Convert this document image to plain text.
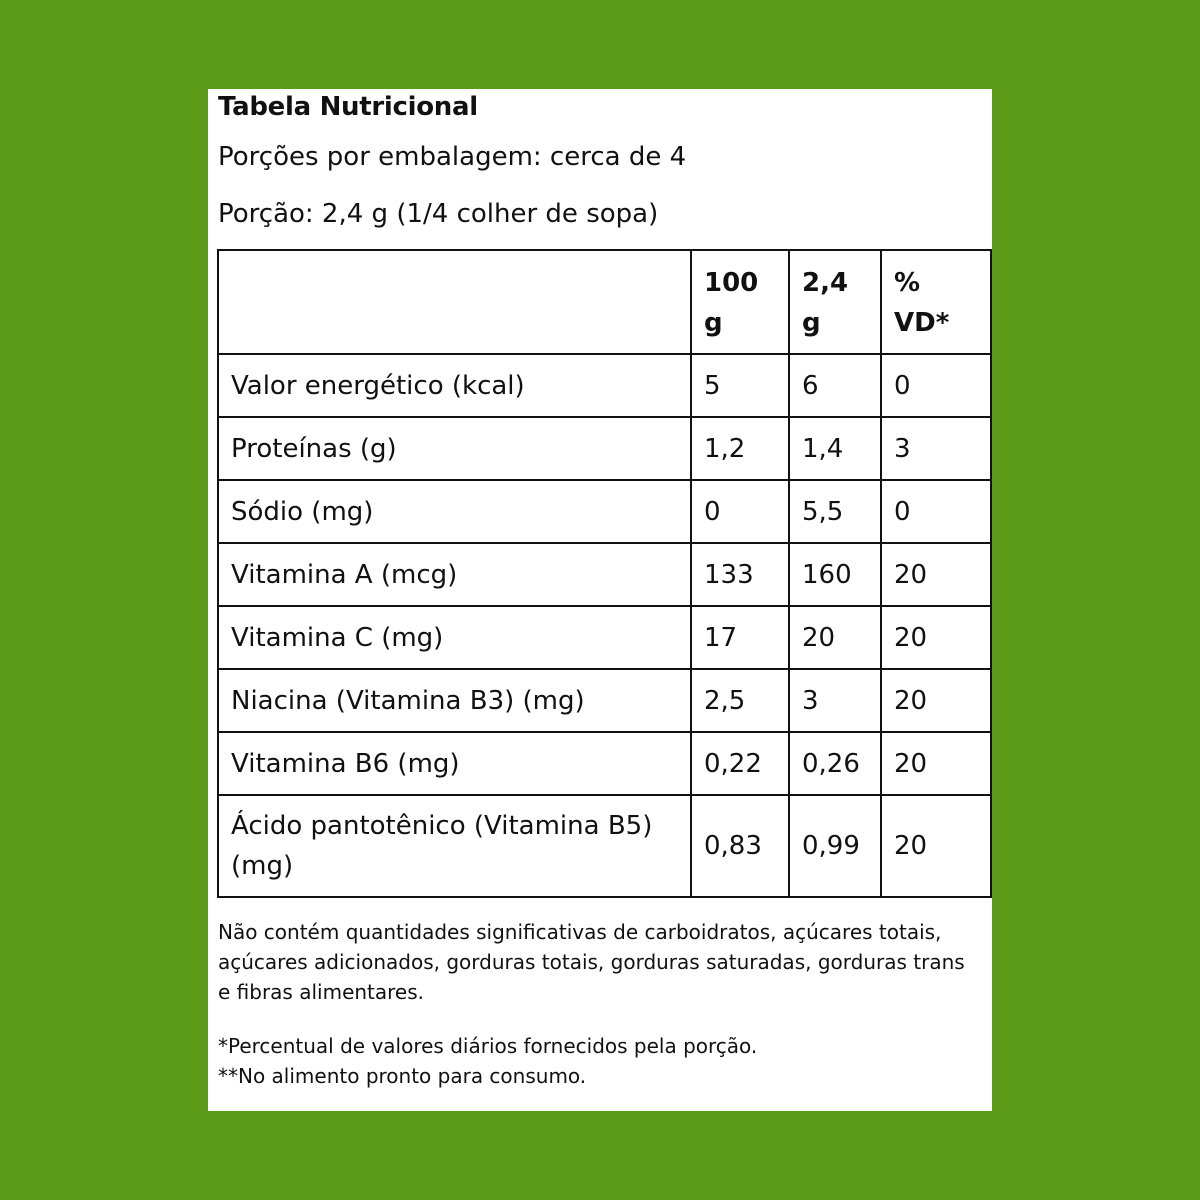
Tabela Nutricional
Porções por embalagem: cerca de 4
Porção: 2,4 g (1/4 colher de sopa)
	100 g	2,4 g	% VD*
Valor energético (kcal)	5	6	0
Proteínas (g)	1,2	1,4	3
Sódio (mg)	0	5,5	0
Vitamina A (mcg)	133	160	20
Vitamina C (mg)	17	20	20
Niacina (Vitamina B3) (mg)	2,5	3	20
Vitamina B6 (mg)	0,22	0,26	20
Ácido pantotênico (Vitamina B5) (mg)	0,83	0,99	20
Não contém quantidades significativas de carboidratos, açúcares totais, açúcares adicionados, gorduras totais, gorduras saturadas, gorduras trans e fibras alimentares.
*Percentual de valores diários fornecidos pela porção.
**No alimento pronto para consumo.
